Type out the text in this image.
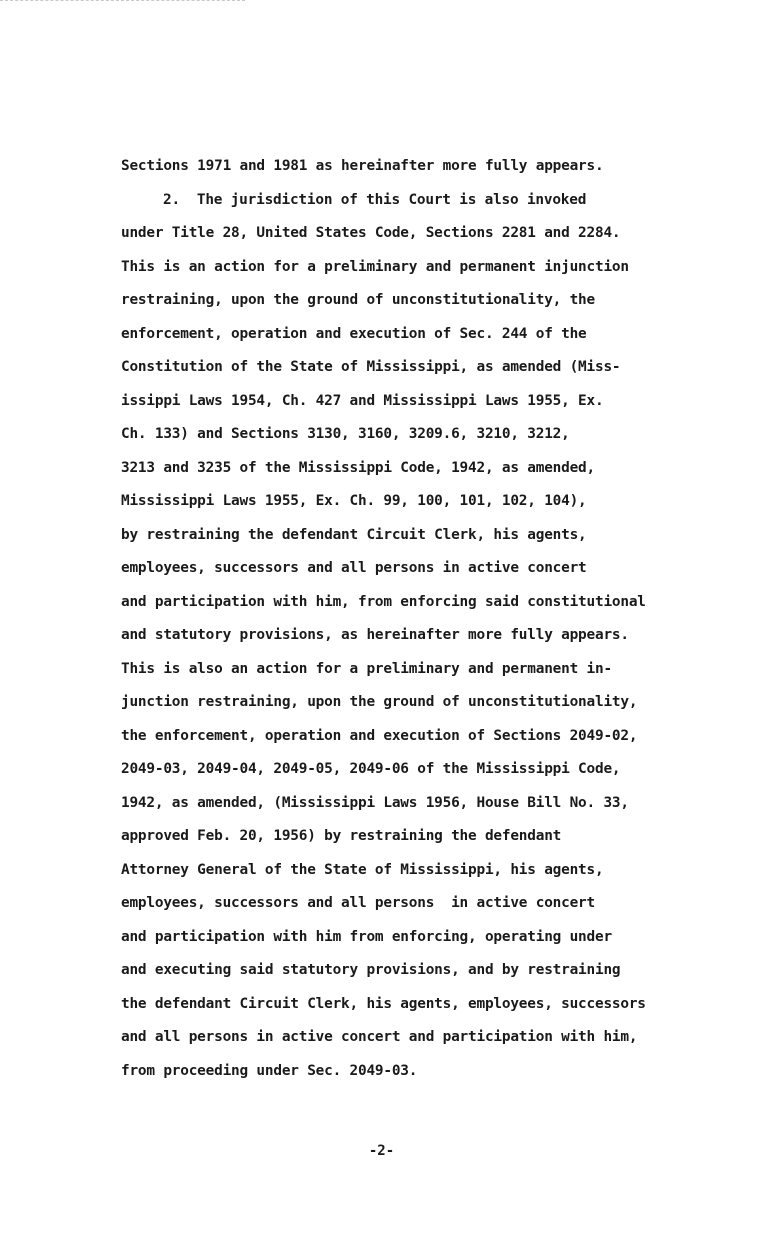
Sections 1971 and 1981 as hereinafter more fully appears.
2.  The jurisdiction of this Court is also invoked
under Title 28, United States Code, Sections 2281 and 2284.
This is an action for a preliminary and permanent injunction
restraining, upon the ground of unconstitutionality, the
enforcement, operation and execution of Sec. 244 of the
Constitution of the State of Mississippi, as amended (Miss-
issippi Laws 1954, Ch. 427 and Mississippi Laws 1955, Ex.
Ch. 133) and Sections 3130, 3160, 3209.6, 3210, 3212,
3213 and 3235 of the Mississippi Code, 1942, as amended,
Mississippi Laws 1955, Ex. Ch. 99, 100, 101, 102, 104),
by restraining the defendant Circuit Clerk, his agents,
employees, successors and all persons in active concert
and participation with him, from enforcing said constitutional
and statutory provisions, as hereinafter more fully appears.
This is also an action for a preliminary and permanent in-
junction restraining, upon the ground of unconstitutionality,
the enforcement, operation and execution of Sections 2049-02,
2049-03, 2049-04, 2049-05, 2049-06 of the Mississippi Code,
1942, as amended, (Mississippi Laws 1956, House Bill No. 33,
approved Feb. 20, 1956) by restraining the defendant
Attorney General of the State of Mississippi, his agents,
employees, successors and all persons  in active concert
and participation with him from enforcing, operating under
and executing said statutory provisions, and by restraining
the defendant Circuit Clerk, his agents, employees, successors
and all persons in active concert and participation with him,
from proceeding under Sec. 2049-03.
-2-
